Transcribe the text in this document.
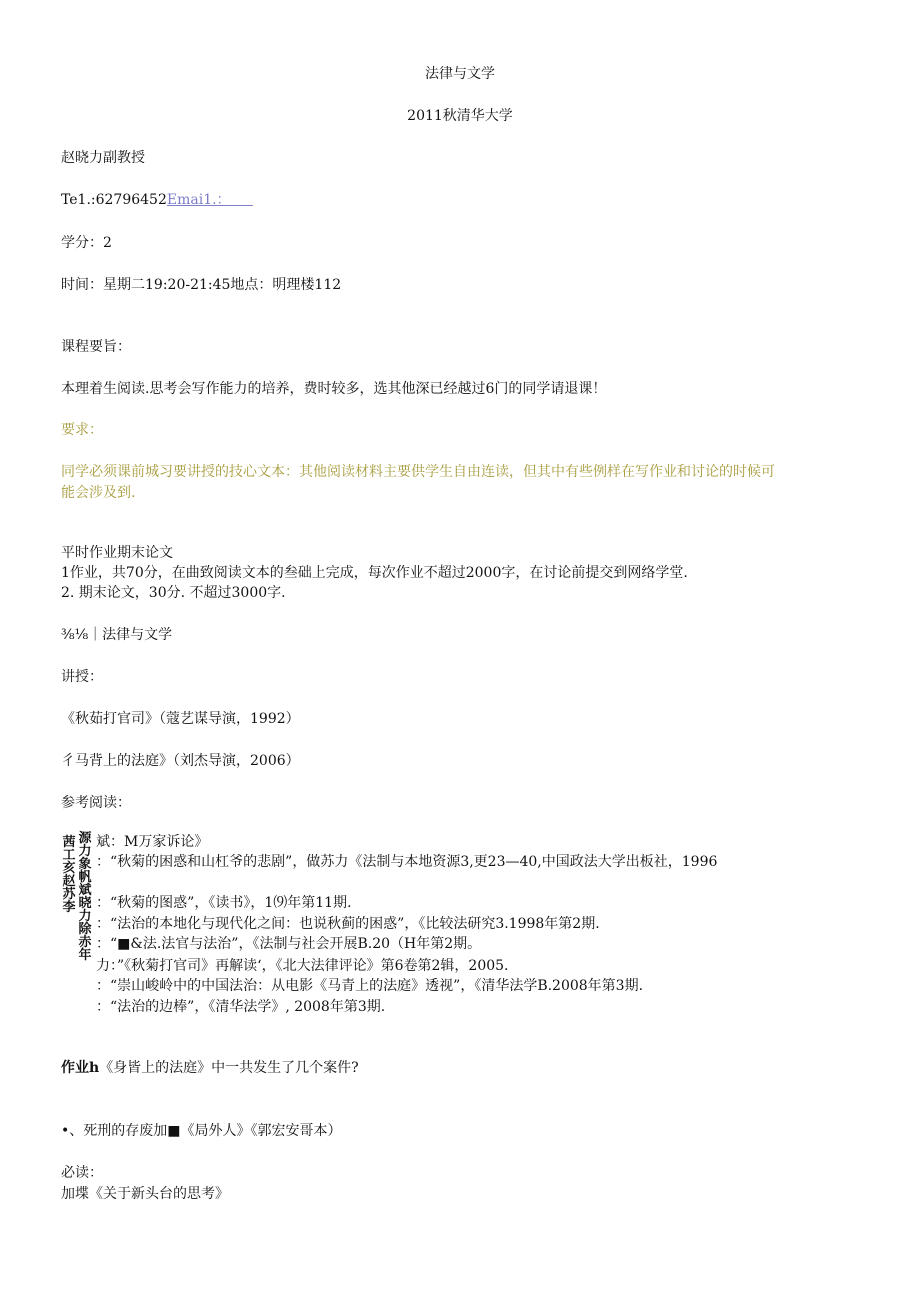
法律与文学
2011秋清华大学
赵晓力副教授
Te1.:62796452Emai1.：
学分：2
时间：星期二19:20-21:45地点：明理楼112
课程要旨：
本理着生阅读.思考会写作能力的培养，费时较多，选其他深已经越过6门的同学请退课！
要求：
同学必须课前城习要讲授的技心文本：其他阅读材料主要供学生自由连读，但其中有些例样在写作业和讨论的时候可
能会涉及到.
平时作业期末论文
1作业，共70分，在曲致阅读文本的叁础上完成，每次作业不超过2000字，在讨论前提交到网络学堂.
2. 期末论文，30分. 不超过3000字.
⅜⅛｜法律与文学
讲授：
《秋茹打官司》（蔻艺谋导演，1992）
彳马背上的法庭》（刘杰导演，2006）
参考阅读：
茜
工
亥
赵
苏
李
源
力
象
帆
斌
晓
力
除
赤
年
斌：M万家诉论》
：“秋菊的困惑和山杠爷的悲剧”，做苏力《法制与本地资源3,更23—40,中国政法大学出板社，1996
：“秋菊的图惑”，《读书》，1⑼年第11期.
：“法治的本地化与现代化之间：也说秋蓟的困惑”，《比较法研究3.1998年第2期.
：“■&法.法官与法治”，《法制与社会开展B.20（H年第2期。
力：”《秋菊打官司》再解读‘，《北大法律评论》第6卷第2辑，2005.
：“崇山峻岭中的中国法治：从电影《马青上的法庭》透视”，《清华法学B.2008年第3期.
：“法治的边棒”，《清华法学》, 2008年第3期.
作业h《身皆上的法庭》中一共发生了几个案件?
•、死刑的存废加■《局外人》《郭宏安哥本）
必读：
加堞《关于新头台的思考》
